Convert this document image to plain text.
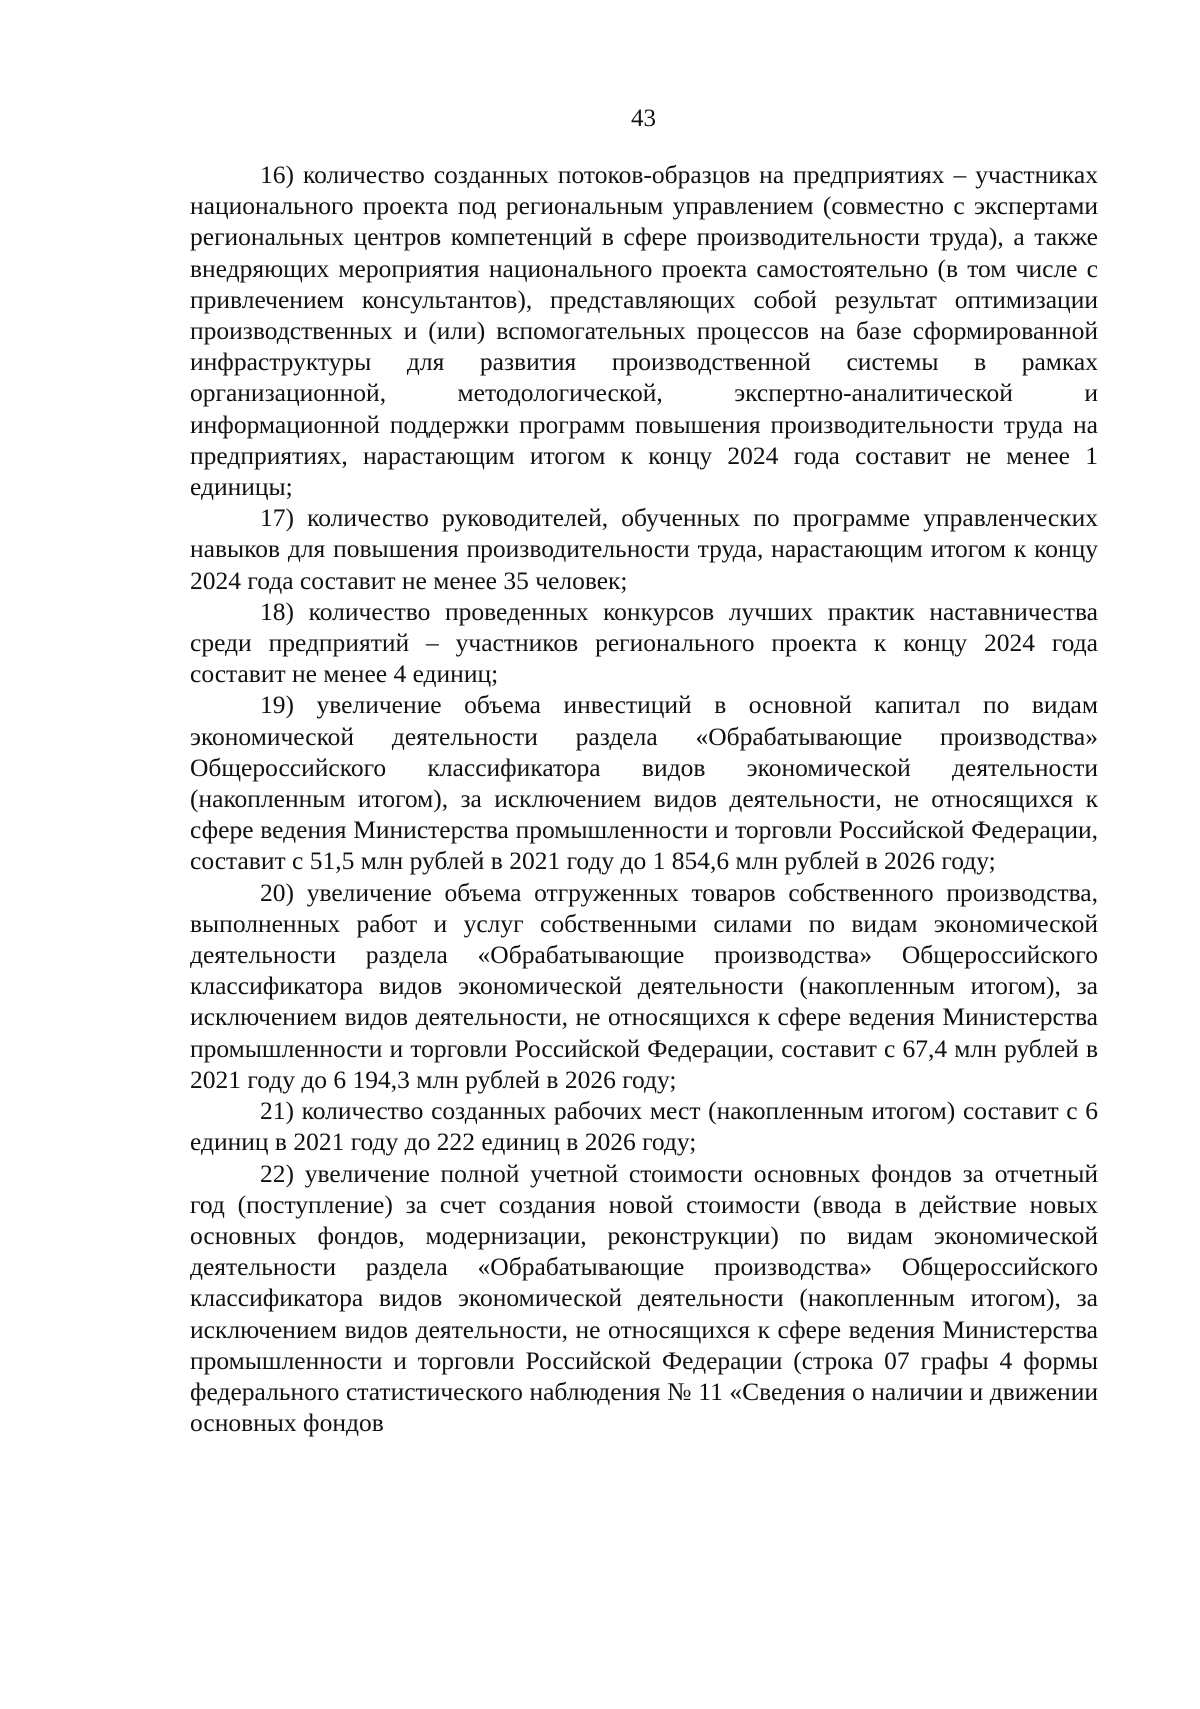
43

16) количество созданных потоков-образцов на предприятиях – участниках национального проекта под региональным управлением (совместно с экспертами региональных центров компетенций в сфере производительности труда), а также внедряющих мероприятия национального проекта самостоятельно (в том числе с привлечением консультантов), представляющих собой результат оптимизации производственных и (или) вспомогательных процессов на базе сформированной инфраструктуры для развития производственной системы в рамках организационной, методологической, экспертно-аналитической и информационной поддержки программ повышения производительности труда на предприятиях, нарастающим итогом к концу 2024 года составит не менее 1 единицы;

17) количество руководителей, обученных по программе управленческих навыков для повышения производительности труда, нарастающим итогом к концу 2024 года составит не менее 35 человек;

18) количество проведенных конкурсов лучших практик наставничества среди предприятий – участников регионального проекта к концу 2024 года составит не менее 4 единиц;

19) увеличение объема инвестиций в основной капитал по видам экономической деятельности раздела «Обрабатывающие производства» Общероссийского классификатора видов экономической деятельности (накопленным итогом), за исключением видов деятельности, не относящихся к сфере ведения Министерства промышленности и торговли Российской Федерации, составит с 51,5 млн рублей в 2021 году до 1 854,6 млн рублей в 2026 году;

20) увеличение объема отгруженных товаров собственного производства, выполненных работ и услуг собственными силами по видам экономической деятельности раздела «Обрабатывающие производства» Общероссийского классификатора видов экономической деятельности (накопленным итогом), за исключением видов деятельности, не относящихся к сфере ведения Министерства промышленности и торговли Российской Федерации, составит с 67,4 млн рублей в 2021 году до 6 194,3 млн рублей в 2026 году;

21) количество созданных рабочих мест (накопленным итогом) составит с 6 единиц в 2021 году до 222 единиц в 2026 году;

22) увеличение полной учетной стоимости основных фондов за отчетный год (поступление) за счет создания новой стоимости (ввода в действие новых основных фондов, модернизации, реконструкции) по видам экономической деятельности раздела «Обрабатывающие производства» Общероссийского классификатора видов экономической деятельности (накопленным итогом), за исключением видов деятельности, не относящихся к сфере ведения Министерства промышленности и торговли Российской Федерации (строка 07 графы 4 формы федерального статистического наблюдения № 11 «Сведения о наличии и движении основных фондов
